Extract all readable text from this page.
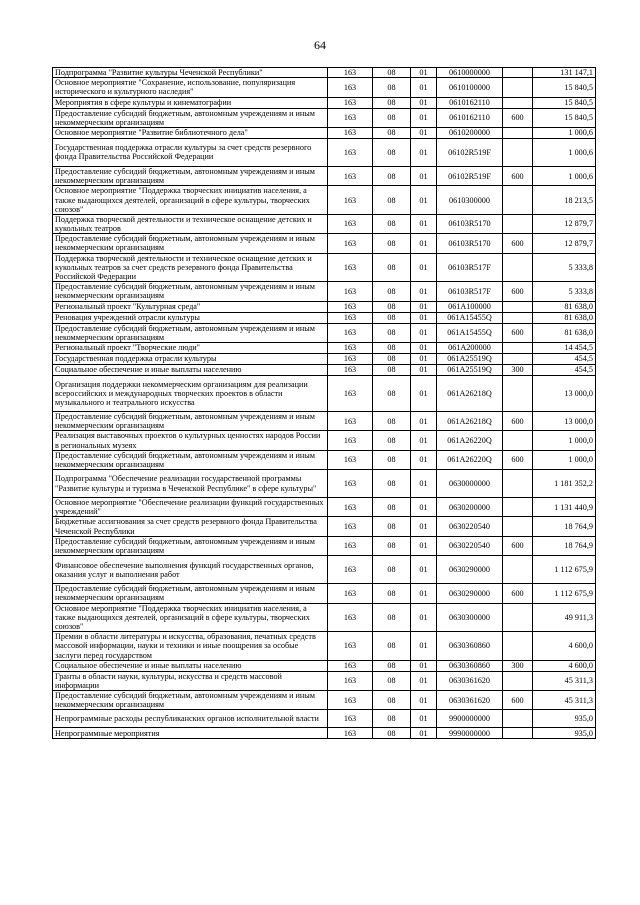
64
Подпрограмма "Развитие культуры Чеченской Республики"	163	08	01	0610000000		131 147,1
Основное мероприятие "Сохранение, использование, популяризация исторического и культурного наследия"	163	08	01	0610100000		15 840,5
Мероприятия в сфере культуры и кинематографии	163	08	01	0610162110		15 840,5
Предоставление субсидий бюджетным, автономным учреждениям и иным некоммерческим организациям	163	08	01	0610162110	600	15 840,5
Основное мероприятие "Развитие библиотечного дела"	163	08	01	0610200000		1 000,6
Государственная поддержка отрасли культуры за счет средств резервного фонда Правительства Российской Федерации	163	08	01	06102R519F		1 000,6
Предоставление субсидий бюджетным, автономным учреждениям и иным некоммерческим организациям	163	08	01	06102R519F	600	1 000,6
Основное мероприятие "Поддержка творческих инициатив населения, а также выдающихся деятелей, организаций в сфере культуры, творческих союзов"	163	08	01	0610300000		18 213,5
Поддержка творческой деятельности и техническое оснащение детских и кукольных театров	163	08	01	06103R5170		12 879,7
Предоставление субсидий бюджетным, автономным учреждениям и иным некоммерческим организациям	163	08	01	06103R5170	600	12 879,7
Поддержка творческой деятельности и техническое оснащение детских и кукольных театров за счет средств резервного фонда Правительства Российской Федерации	163	08	01	06103R517F		5 333,8
Предоставление субсидий бюджетным, автономным учреждениям и иным некоммерческим организациям	163	08	01	06103R517F	600	5 333,8
Региональный проект "Культурная среда"	163	08	01	061A100000		81 638,0
Реновация учреждений отрасли культуры	163	08	01	061A15455Q		81 638,0
Предоставление субсидий бюджетным, автономным учреждениям и иным некоммерческим организациям	163	08	01	061A15455Q	600	81 638,0
Региональный проект "Творческие люди"	163	08	01	061A200000		14 454,5
Государственная поддержка отрасли культуры	163	08	01	061A25519Q		454,5
Социальное обеспечение и иные выплаты населению	163	08	01	061A25519Q	300	454,5
Организация поддержки некоммерческим организациям для реализации всероссийских и международных творческих проектов в области музыкального и театрального искусства	163	08	01	061A26218Q		13 000,0
Предоставление субсидий бюджетным, автономным учреждениям и иным некоммерческим организациям	163	08	01	061A26218Q	600	13 000,0
Реализация выставочных проектов о культурных ценностях народов России в региональных музеях	163	08	01	061A26220Q		1 000,0
Предоставление субсидий бюджетным, автономным учреждениям и иным некоммерческим организациям	163	08	01	061A26220Q	600	1 000,0
Подпрограмма "Обеспечение реализации государственной программы "Развитие культуры и туризма в Чеченской Республике" в сфере культуры"	163	08	01	0630000000		1 181 352,2
Основное мероприятие "Обеспечение реализации функций государственных учреждений"	163	08	01	0630200000		1 131 440,9
Бюджетные ассигнования за счет средств резервного фонда Правительства Чеченской Республики	163	08	01	0630220540		18 764,9
Предоставление субсидий бюджетным, автономным учреждениям и иным некоммерческим организациям	163	08	01	0630220540	600	18 764,9
Финансовое обеспечение выполнения функций государственных органов, оказания услуг и выполнения работ	163	08	01	0630290000		1 112 675,9
Предоставление субсидий бюджетным, автономным учреждениям и иным некоммерческим организациям	163	08	01	0630290000	600	1 112 675,9
Основное мероприятие "Поддержка творческих инициатив населения, а также выдающихся деятелей, организаций в сфере культуры, творческих союзов"	163	08	01	0630300000		49 911,3
Премии в области литературы и искусства, образования, печатных средств массовой информации, науки и техники и иные поощрения за особые заслуги перед государством	163	08	01	0630360860		4 600,0
Социальное обеспечение и иные выплаты населению	163	08	01	0630360860	300	4 600,0
Гранты в области науки, культуры, искусства и средств массовой информации	163	08	01	0630361620		45 311,3
Предоставление субсидий бюджетным, автономным учреждениям и иным некоммерческим организациям	163	08	01	0630361620	600	45 311,3
Непрограммные расходы республиканских органов исполнительной власти	163	08	01	9900000000		935,0
Непрограммные мероприятия	163	08	01	9990000000		935,0
